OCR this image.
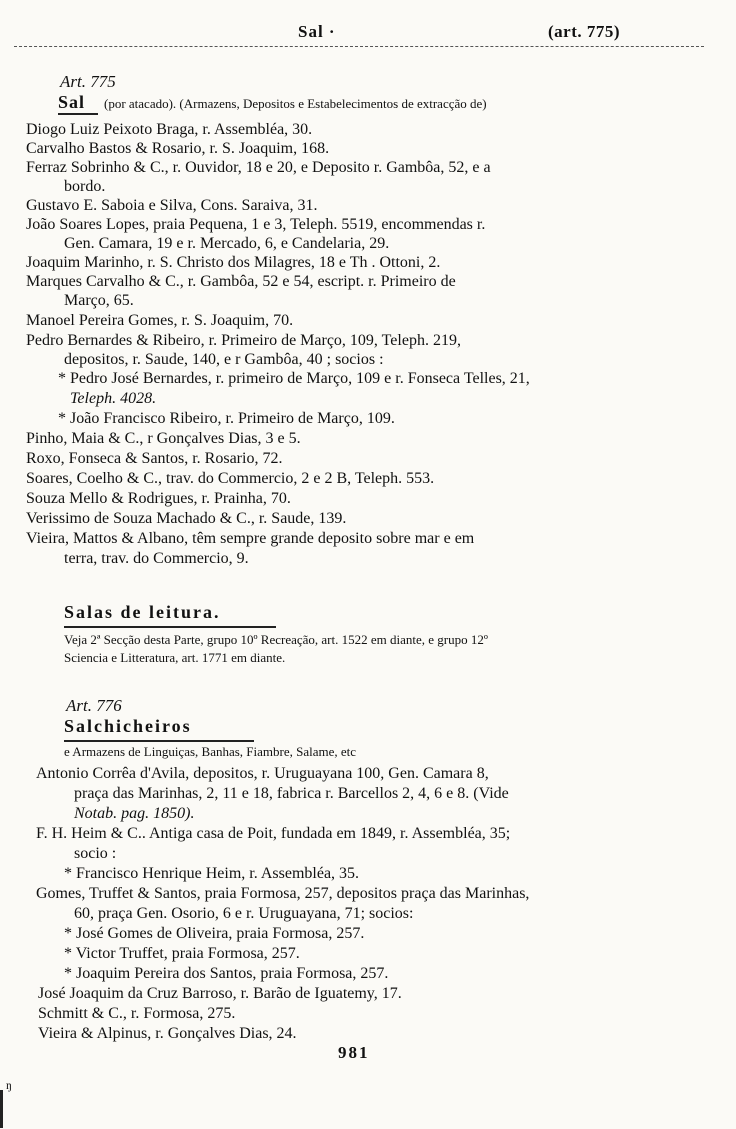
Sal ·	(art. 775)
Art. 775
Sal (por atacado). (Armazens, Depositos e Estabelecimentos de extracção de)
Diogo Luiz Peixoto Braga, r. Assembléa, 30.
Carvalho Bastos & Rosario, r. S. Joaquim, 168.
Ferraz Sobrinho & C., r. Ouvidor, 18 e 20, e Deposito r. Gambôa, 52, e a
bordo.
Gustavo E. Saboia e Silva, Cons. Saraiva, 31.
João Soares Lopes, praia Pequena, 1 e 3, Teleph. 5519, encommendas r.
Gen. Camara, 19 e r. Mercado, 6, e Candelaria, 29.
Joaquim Marinho, r. S. Christo dos Milagres, 18 e Th . Ottoni, 2.
Marques Carvalho & C., r. Gambôa, 52 e 54, escript. r. Primeiro de
Março, 65.
Manoel Pereira Gomes, r. S. Joaquim, 70.
Pedro Bernardes & Ribeiro, r. Primeiro de Março, 109, Teleph. 219,
depositos, r. Saude, 140, e r Gambôa, 40 ; socios :
* Pedro José Bernardes, r. primeiro de Março, 109 e r. Fonseca Telles, 21,
Teleph. 4028.
* João Francisco Ribeiro, r. Primeiro de Março, 109.
Pinho, Maia & C., r Gonçalves Dias, 3 e 5.
Roxo, Fonseca & Santos, r. Rosario, 72.
Soares, Coelho & C., trav. do Commercio, 2 e 2 B, Teleph. 553.
Souza Mello & Rodrigues, r. Prainha, 70.
Verissimo de Souza Machado & C., r. Saude, 139.
Vieira, Mattos & Albano, têm sempre grande deposito sobre mar e em
terra, trav. do Commercio, 9.
Salas de leitura.
Veja 2ª Secção desta Parte, grupo 10º Recreação, art. 1522 em diante, e grupo 12º
Sciencia e Litteratura, art. 1771 em diante.
Art. 776
Salchicheiros
e Armazens de Linguiças, Banhas, Fiambre, Salame, etc
Antonio Corrêa d'Avila, depositos, r. Uruguayana 100, Gen. Camara 8,
praça das Marinhas, 2, 11 e 18, fabrica r. Barcellos 2, 4, 6 e 8. (Vide
Notab. pag. 1850).
F. H. Heim & C.. Antiga casa de Poit, fundada em 1849, r. Assembléa, 35;
socio :
* Francisco Henrique Heim, r. Assembléa, 35.
Gomes, Truffet & Santos, praia Formosa, 257, depositos praça das Marinhas,
60, praça Gen. Osorio, 6 e r. Uruguayana, 71; socios:
* José Gomes de Oliveira, praia Formosa, 257.
* Victor Truffet, praia Formosa, 257.
* Joaquim Pereira dos Santos, praia Formosa, 257.
José Joaquim da Cruz Barroso, r. Barão de Iguatemy, 17.
Schmitt & C., r. Formosa, 275.
Vieira & Alpinus, r. Gonçalves Dias, 24.
981
ŋ
